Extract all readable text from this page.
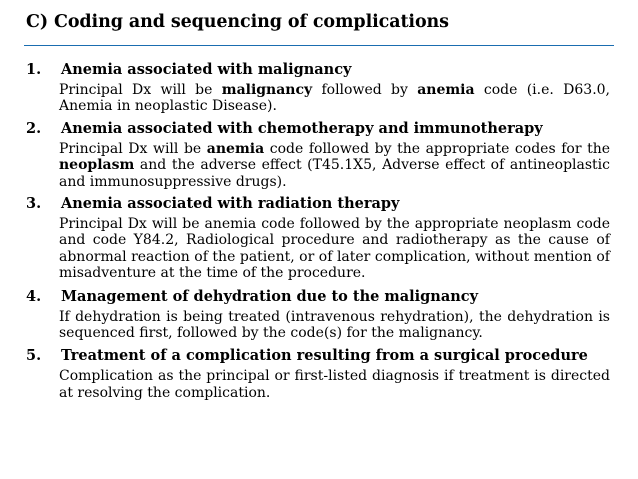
C) Coding and sequencing of complications
1.	Anemia associated with malignancy
Principal Dx will be malignancy followed by anemia code (i.e. D63.0, Anemia in neoplastic Disease).
2.	Anemia associated with chemotherapy and immunotherapy
Principal Dx will be anemia code followed by the appropriate codes for the neoplasm and the adverse effect (T45.1X5, Adverse effect of antineoplastic and immunosuppressive drugs).
3.	Anemia associated with radiation therapy
Principal Dx will be anemia code followed by the appropriate neoplasm code and code Y84.2, Radiological procedure and radiotherapy as the cause of abnormal reaction of the patient, or of later complication, without mention of misadventure at the time of the procedure.
4.	Management of dehydration due to the malignancy
If dehydration is being treated (intravenous rehydration), the dehydration is sequenced first, followed by the code(s) for the malignancy.
5.	Treatment of a complication resulting from a surgical procedure
Complication as the principal or first-listed diagnosis if treatment is directed at resolving the complication.
